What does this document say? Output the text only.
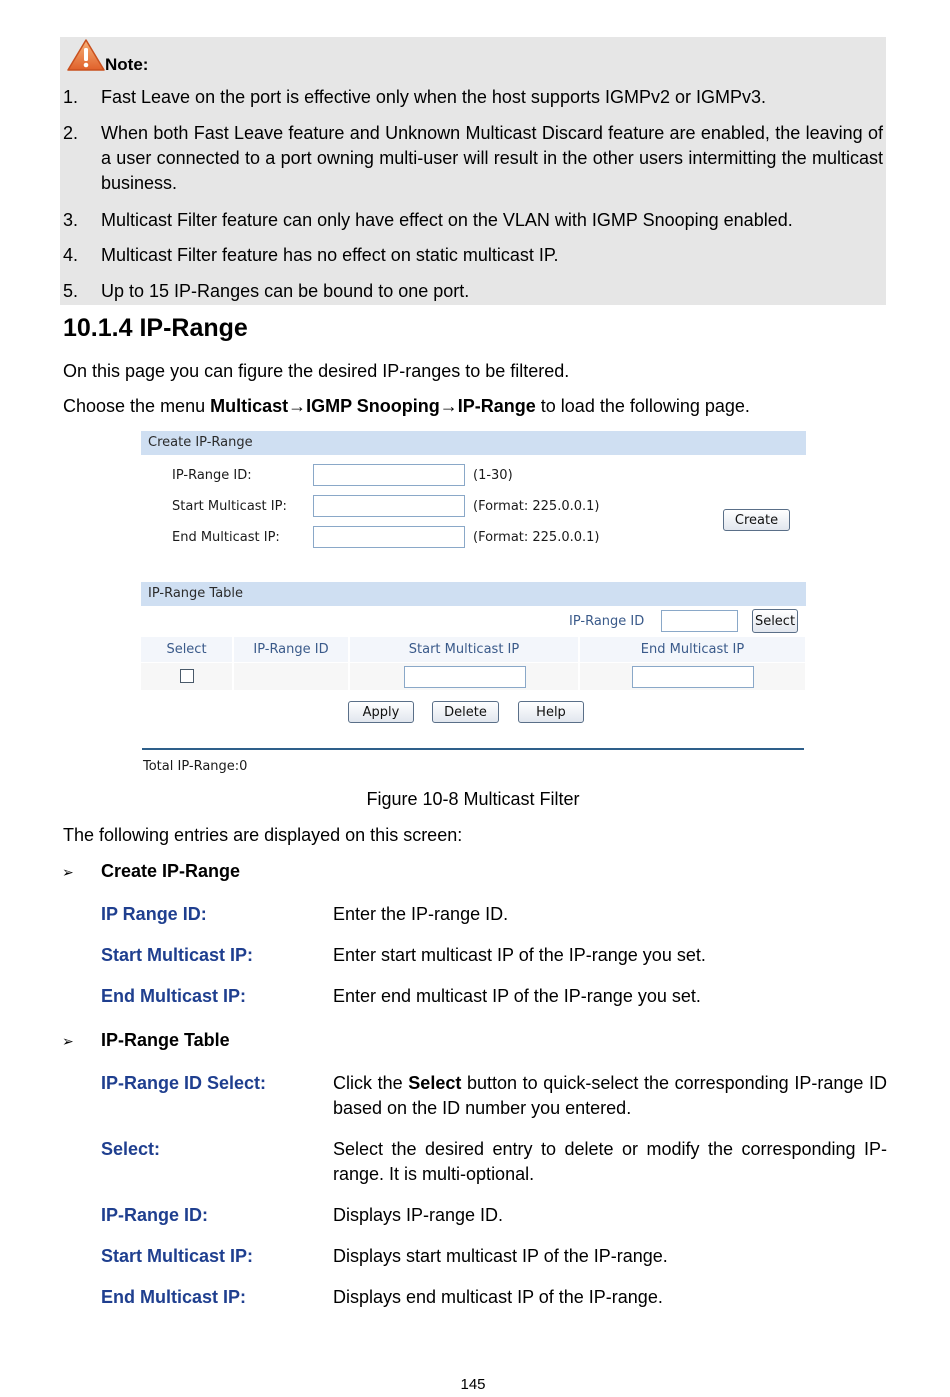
Note:
1. Fast Leave on the port is effective only when the host supports IGMPv2 or IGMPv3.
2. When both Fast Leave feature and Unknown Multicast Discard feature are enabled, the leaving of a user connected to a port owning multi-user will result in the other users intermitting the multicast business.
3. Multicast Filter feature can only have effect on the VLAN with IGMP Snooping enabled.
4. Multicast Filter feature has no effect on static multicast IP.
5. Up to 15 IP-Ranges can be bound to one port.
10.1.4 IP-Range
On this page you can figure the desired IP-ranges to be filtered.
Choose the menu Multicast→IGMP Snooping→IP-Range to load the following page.
Create IP-Range
IP-Range ID:	(1-30)
Start Multicast IP:	(Format: 225.0.0.1)
End Multicast IP:	(Format: 225.0.0.1)
Create
IP-Range Table
IP-Range ID	Select
Select	IP-Range ID	Start Multicast IP	End Multicast IP
Apply	Delete	Help
Total IP-Range:0
Figure 10-8 Multicast Filter
The following entries are displayed on this screen:
➢ Create IP-Range
IP Range ID:	Enter the IP-range ID.
Start Multicast IP:	Enter start multicast IP of the IP-range you set.
End Multicast IP:	Enter end multicast IP of the IP-range you set.
➢ IP-Range Table
IP-Range ID Select:	Click the Select button to quick-select the corresponding IP-range ID based on the ID number you entered.
Select:	Select the desired entry to delete or modify the corresponding IP-range. It is multi-optional.
IP-Range ID:	Displays IP-range ID.
Start Multicast IP:	Displays start multicast IP of the IP-range.
End Multicast IP:	Displays end multicast IP of the IP-range.
145
